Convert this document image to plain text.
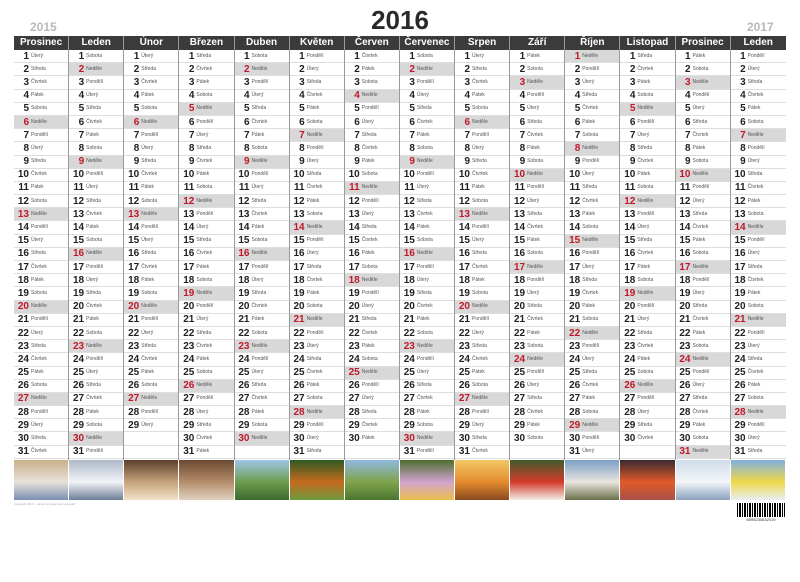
2015	2016	2017
Prosinec
1 Úterý
2 Středa
3 Čtvrtek
4 Pátek
5 Sobota
6 Neděle
7 Pondělí
8 Úterý
9 Středa
10 Čtvrtek
11 Pátek
12 Sobota
13 Neděle
14 Pondělí
15 Úterý
16 Středa
17 Čtvrtek
18 Pátek
19 Sobota
20 Neděle
21 Pondělí
22 Úterý
23 Středa
24 Čtvrtek
25 Pátek
26 Sobota
27 Neděle
28 Pondělí
29 Úterý
30 Středa
31 Čtvrtek
Leden
1 Sobota
2 Neděle
3 Pondělí
4 Úterý
5 Středa
6 Čtvrtek
7 Pátek
8 Sobota
9 Neděle
10 Pondělí
11 Úterý
12 Středa
13 Čtvrtek
14 Pátek
15 Sobota
16 Neděle
17 Pondělí
18 Úterý
19 Středa
20 Čtvrtek
21 Pátek
22 Sobota
23 Neděle
24 Pondělí
25 Úterý
26 Středa
27 Čtvrtek
28 Pátek
29 Sobota
30 Neděle
31 Pondělí
Únor
1 Úterý
2 Středa
3 Čtvrtek
4 Pátek
5 Sobota
6 Neděle
7 Pondělí
8 Úterý
9 Středa
10 Čtvrtek
11 Pátek
12 Sobota
13 Neděle
14 Pondělí
15 Úterý
16 Středa
17 Čtvrtek
18 Pátek
19 Sobota
20 Neděle
21 Pondělí
22 Úterý
23 Středa
24 Čtvrtek
25 Pátek
26 Sobota
27 Neděle
28 Pondělí
29 Úterý
Březen
1 Středa
2 Čtvrtek
3 Pátek
4 Sobota
5 Neděle
6 Pondělí
7 Úterý
8 Středa
9 Čtvrtek
10 Pátek
11 Sobota
12 Neděle
13 Pondělí
14 Úterý
15 Středa
16 Čtvrtek
17 Pátek
18 Sobota
19 Neděle
20 Pondělí
21 Úterý
22 Středa
23 Čtvrtek
24 Pátek
25 Sobota
26 Neděle
27 Pondělí
28 Úterý
29 Středa
30 Čtvrtek
31 Pátek
Duben
1 Sobota
2 Neděle
3 Pondělí
4 Úterý
5 Středa
6 Čtvrtek
7 Pátek
8 Sobota
9 Neděle
10 Pondělí
11 Úterý
12 Středa
13 Čtvrtek
14 Pátek
15 Sobota
16 Neděle
17 Pondělí
18 Úterý
19 Středa
20 Čtvrtek
21 Pátek
22 Sobota
23 Neděle
24 Pondělí
25 Úterý
26 Středa
27 Čtvrtek
28 Pátek
29 Sobota
30 Neděle
Květen
1 Pondělí
2 Úterý
3 Středa
4 Čtvrtek
5 Pátek
6 Sobota
7 Neděle
8 Pondělí
9 Úterý
10 Středa
11 Čtvrtek
12 Pátek
13 Sobota
14 Neděle
15 Pondělí
16 Úterý
17 Středa
18 Čtvrtek
19 Pátek
20 Sobota
21 Neděle
22 Pondělí
23 Úterý
24 Středa
25 Čtvrtek
26 Pátek
27 Sobota
28 Neděle
29 Pondělí
30 Úterý
31 Středa
Červen
1 Čtvrtek
2 Pátek
3 Sobota
4 Neděle
5 Pondělí
6 Úterý
7 Středa
8 Čtvrtek
9 Pátek
10 Sobota
11 Neděle
12 Pondělí
13 Úterý
14 Středa
15 Čtvrtek
16 Pátek
17 Sobota
18 Neděle
19 Pondělí
20 Úterý
21 Středa
22 Čtvrtek
23 Pátek
24 Sobota
25 Neděle
26 Pondělí
27 Úterý
28 Středa
29 Čtvrtek
30 Pátek
Červenec
1 Sobota
2 Neděle
3 Pondělí
4 Úterý
5 Středa
6 Čtvrtek
7 Pátek
8 Sobota
9 Neděle
10 Pondělí
11 Úterý
12 Středa
13 Čtvrtek
14 Pátek
15 Sobota
16 Neděle
17 Pondělí
18 Úterý
19 Středa
20 Čtvrtek
21 Pátek
22 Sobota
23 Neděle
24 Pondělí
25 Úterý
26 Středa
27 Čtvrtek
28 Pátek
29 Sobota
30 Neděle
31 Pondělí
Srpen
1 Úterý
2 Středa
3 Čtvrtek
4 Pátek
5 Sobota
6 Neděle
7 Pondělí
8 Úterý
9 Středa
10 Čtvrtek
11 Pátek
12 Sobota
13 Neděle
14 Pondělí
15 Úterý
16 Středa
17 Čtvrtek
18 Pátek
19 Sobota
20 Neděle
21 Pondělí
22 Úterý
23 Středa
24 Čtvrtek
25 Pátek
26 Sobota
27 Neděle
28 Pondělí
29 Úterý
30 Středa
31 Čtvrtek
Září
1 Pátek
2 Sobota
3 Neděle
4 Pondělí
5 Úterý
6 Středa
7 Čtvrtek
8 Pátek
9 Sobota
10 Neděle
11 Pondělí
12 Úterý
13 Středa
14 Čtvrtek
15 Pátek
16 Sobota
17 Neděle
18 Pondělí
19 Úterý
20 Středa
21 Čtvrtek
22 Pátek
23 Sobota
24 Neděle
25 Pondělí
26 Úterý
27 Středa
28 Čtvrtek
29 Pátek
30 Sobota
Říjen
1 Neděle
2 Pondělí
3 Úterý
4 Středa
5 Čtvrtek
6 Pátek
7 Sobota
8 Neděle
9 Pondělí
10 Úterý
11 Středa
12 Čtvrtek
13 Pátek
14 Sobota
15 Neděle
16 Pondělí
17 Úterý
18 Středa
19 Čtvrtek
20 Pátek
21 Sobota
22 Neděle
23 Pondělí
24 Úterý
25 Středa
26 Čtvrtek
27 Pátek
28 Sobota
29 Neděle
30 Pondělí
31 Úterý
Listopad
1 Středa
2 Čtvrtek
3 Pátek
4 Sobota
5 Neděle
6 Pondělí
7 Úterý
8 Středa
9 Čtvrtek
10 Pátek
11 Sobota
12 Neděle
13 Pondělí
14 Úterý
15 Středa
16 Čtvrtek
17 Pátek
18 Sobota
19 Neděle
20 Pondělí
21 Úterý
22 Středa
23 Čtvrtek
24 Pátek
25 Sobota
26 Neděle
27 Pondělí
28 Úterý
29 Středa
30 Čtvrtek
Prosinec
1 Pátek
2 Sobota
3 Neděle
4 Pondělí
5 Úterý
6 Středa
7 Čtvrtek
8 Pátek
9 Sobota
10 Neděle
11 Pondělí
12 Úterý
13 Středa
14 Čtvrtek
15 Pátek
16 Sobota
17 Neděle
18 Pondělí
19 Úterý
20 Středa
21 Čtvrtek
22 Pátek
23 Sobota
24 Neděle
25 Pondělí
26 Úterý
27 Středa
28 Čtvrtek
29 Pátek
30 Sobota
31 Neděle
Leden
1 Pondělí
2 Úterý
3 Středa
4 Čtvrtek
5 Pátek
6 Sobota
7 Neděle
8 Pondělí
9 Úterý
10 Středa
11 Čtvrtek
12 Pátek
13 Sobota
14 Neděle
15 Pondělí
16 Úterý
17 Středa
18 Čtvrtek
19 Pátek
20 Sobota
21 Neděle
22 Pondělí
23 Úterý
24 Středa
25 Čtvrtek
26 Pátek
27 Sobota
28 Neděle
29 Pondělí
30 Úterý
31 Středa
Kalendář 2016 – nástěnný plánovací kalendář
8595230632019
